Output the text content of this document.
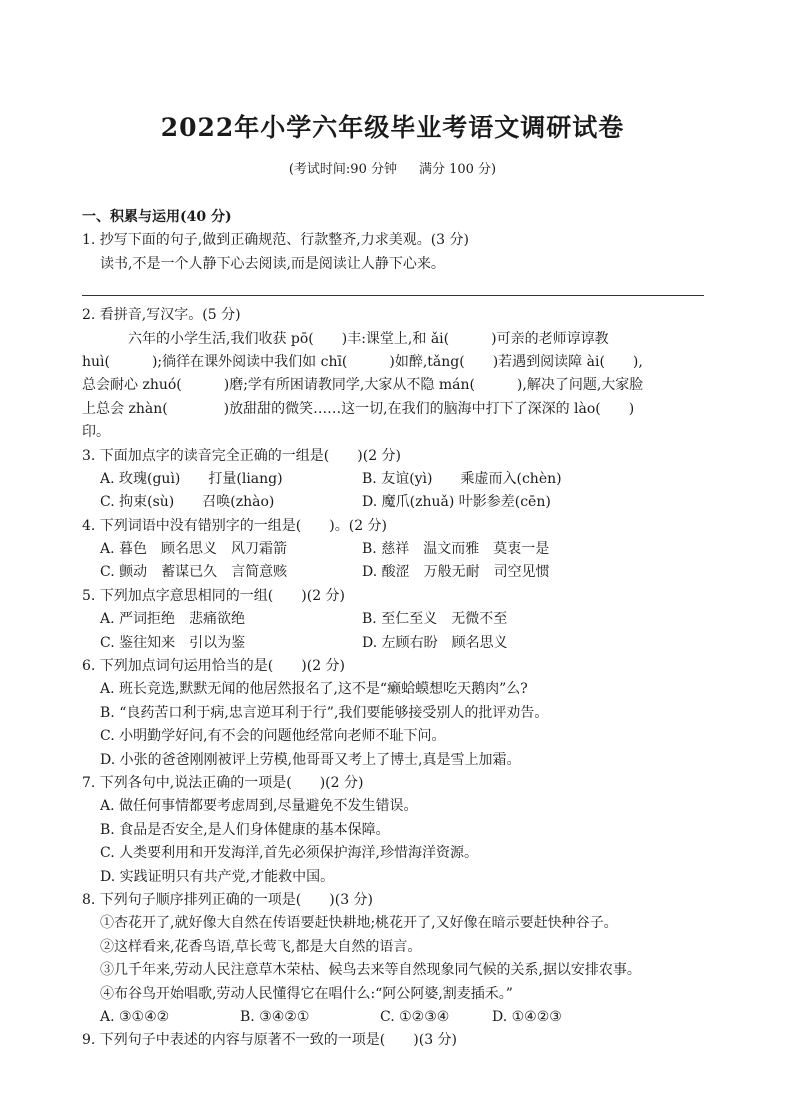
2022年小学六年级毕业考语文调研试卷
(考试时间:90 分钟 满分 100 分)
一、积累与运用(40 分)
1. 抄写下面的句子,做到正确规范、行款整齐,力求美观。(3 分)
读书,不是一个人静下心去阅读,而是阅读让人静下心来。
2. 看拼音,写汉字。(5 分)
六年的小学生活,我们收获 pō(　　)丰:课堂上,和 ǎi(　　　)可亲的老师谆谆教
huì(　　　);徜徉在课外阅读中我们如 chī(　　　)如醉,tǎng(　　)若遇到阅读障 ài(　　),
总会耐心 zhuó(　　　)磨;学有所困请教同学,大家从不隐 mán(　　　),解决了问题,大家脸
上总会 zhàn(　　　　)放甜甜的微笑……这一切,在我们的脑海中打下了深深的 lào(　　)
印。
3. 下面加点字的读音完全正确的一组是(　　)(2 分)
A. 玫瑰(guì)　　打量(liang)	B. 友谊(yì)　　乘虚而入(chèn)
C. 拘束(sù)　　召唤(zhào)	D. 魔爪(zhuǎ) 叶影参差(cēn)
4. 下列词语中没有错别字的一组是(　　)。(2 分)
A. 暮色　顾名思义　风刀霜箭	B. 慈祥　温文而雅　莫衷一是
C. 颤动　蓄谋已久　言简意赅	D. 酸涩　万般无耐　司空见惯
5. 下列加点字意思相同的一组(　　)(2 分)
A. 严词拒绝　悲痛欲绝	B. 至仁至义　无微不至
C. 鉴往知来　引以为鉴	D. 左顾右盼　顾名思义
6. 下列加点词句运用恰当的是(　　)(2 分)
A. 班长竞选,默默无闻的他居然报名了,这不是“癞蛤蟆想吃天鹅肉”么?
B. “良药苦口利于病,忠言逆耳利于行”,我们要能够接受别人的批评劝告。
C. 小明勤学好问,有不会的问题他经常向老师不耻下问。
D. 小张的爸爸刚刚被评上劳模,他哥哥又考上了博士,真是雪上加霜。
7. 下列各句中,说法正确的一项是(　　)(2 分)
A. 做任何事情都要考虑周到,尽量避免不发生错误。
B. 食品是否安全,是人们身体健康的基本保障。
C. 人类要利用和开发海洋,首先必须保护海洋,珍惜海洋资源。
D. 实践证明只有共产党,才能救中国。
8. 下列句子顺序排列正确的一项是(　　)(3 分)
①杏花开了,就好像大自然在传语要赶快耕地;桃花开了,又好像在暗示要赶快种谷子。
②这样看来,花香鸟语,草长莺飞,都是大自然的语言。
③几千年来,劳动人民注意草木荣枯、候鸟去来等自然现象同气候的关系,据以安排农事。
④布谷鸟开始唱歌,劳动人民懂得它在唱什么:“阿公阿婆,割麦插禾。”
A. ③①④②	B. ③④②①	C. ①②③④	D. ①④②③
9. 下列句子中表述的内容与原著不一致的一项是(　　)(3 分)
